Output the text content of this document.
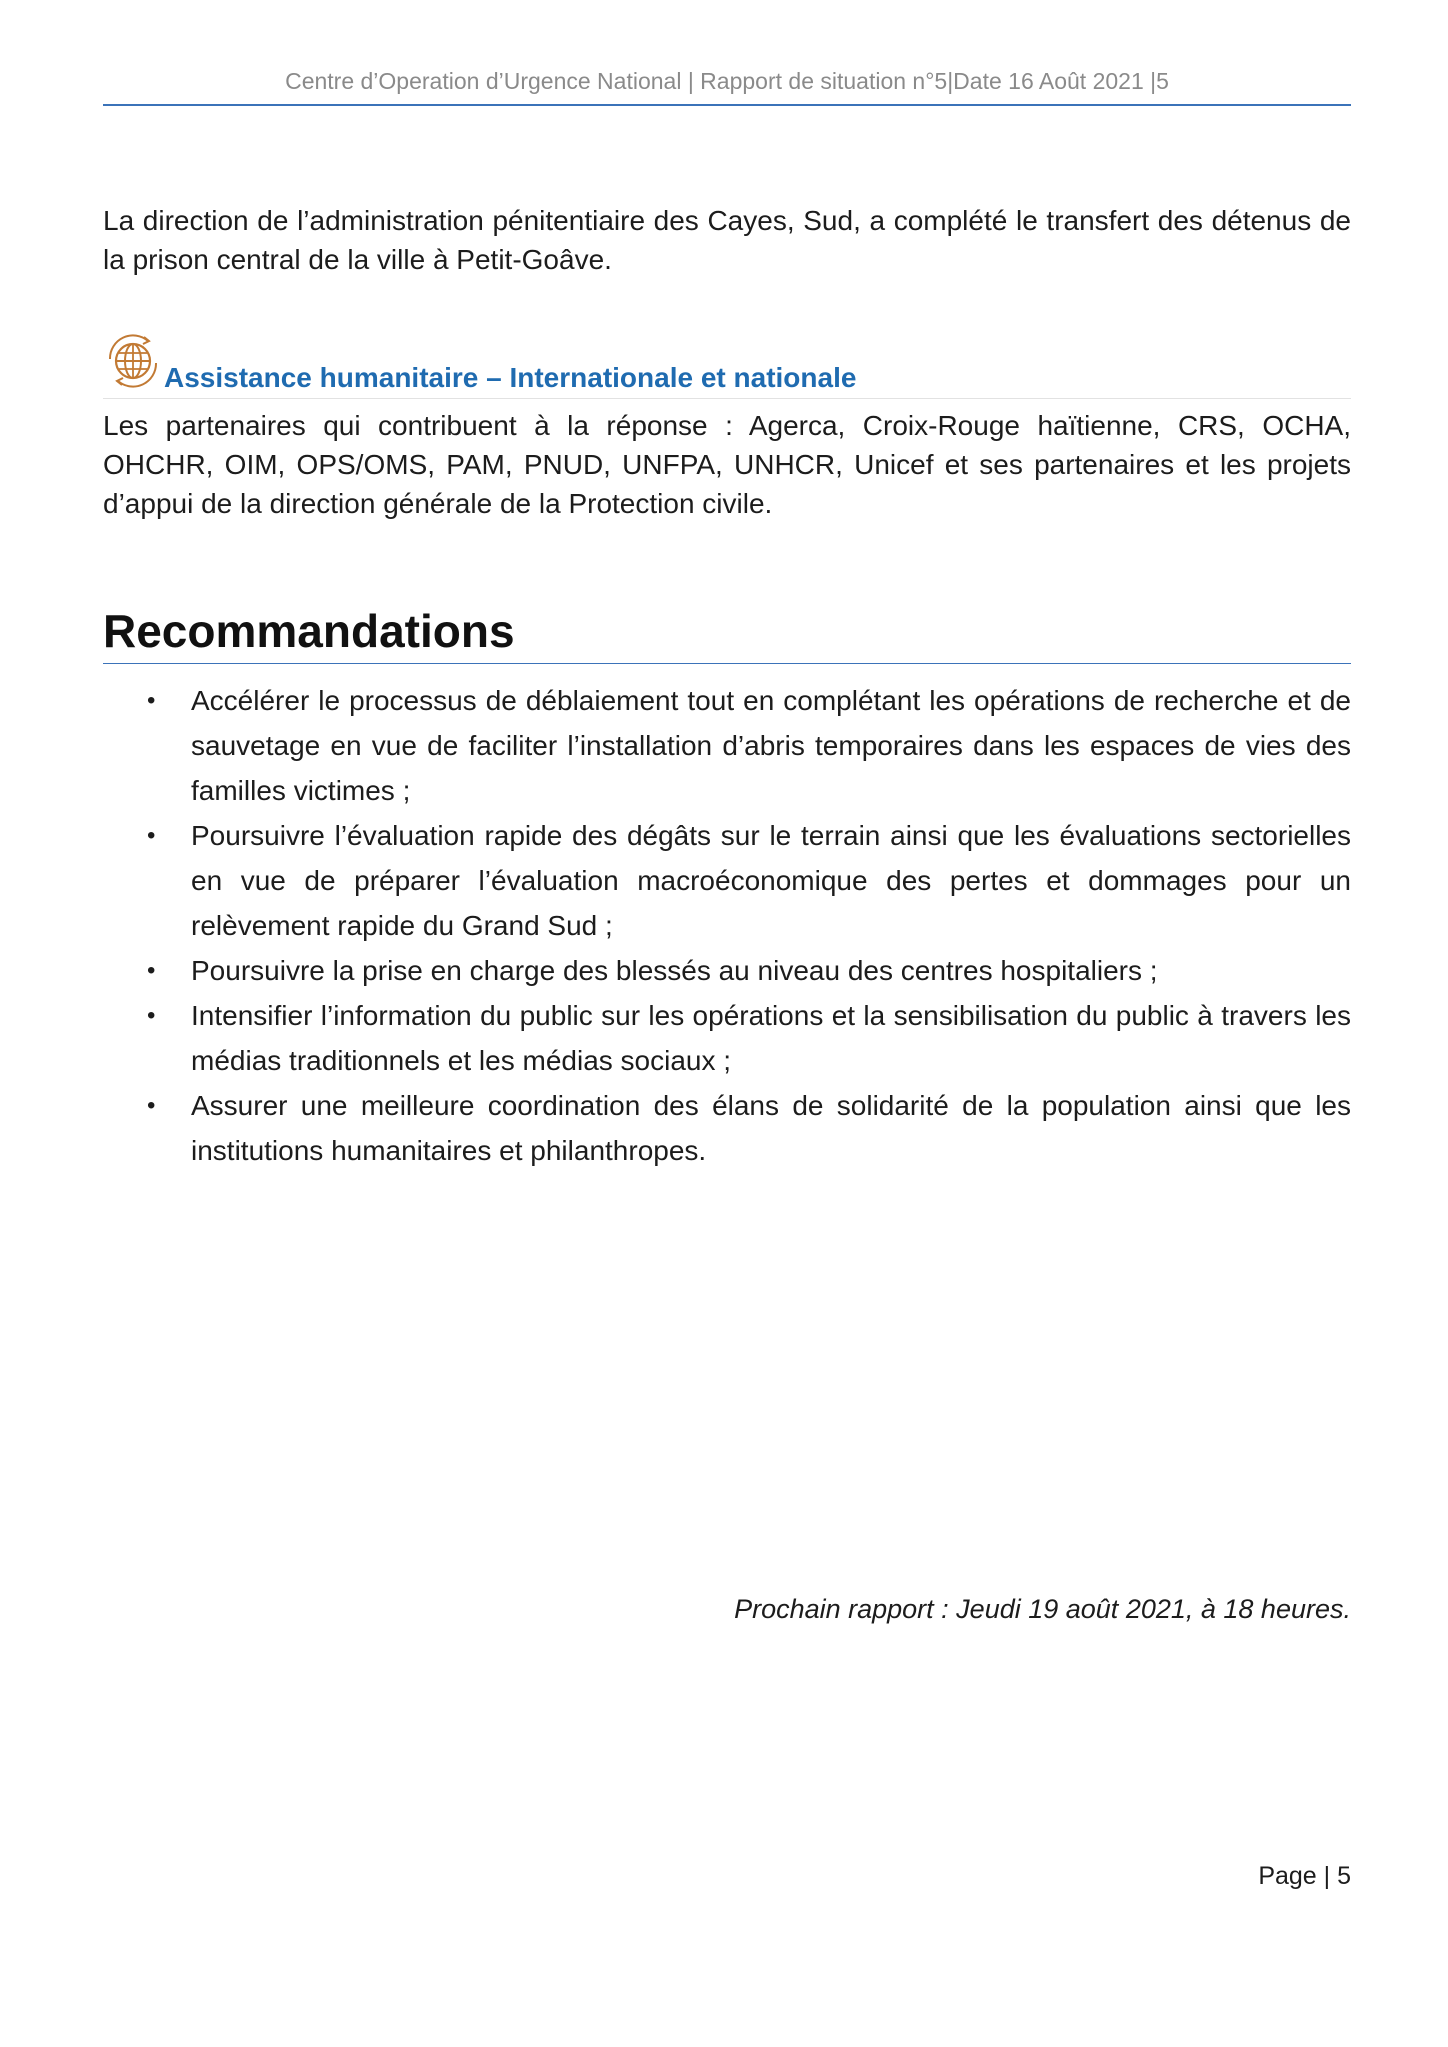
Centre d’Operation d’Urgence National | Rapport de situation n°5|Date 16 Août 2021 |5
La direction de l’administration pénitentiaire des Cayes, Sud, a complété le transfert des détenus de la prison central de la ville à Petit-Goâve.
Assistance humanitaire – Internationale et nationale
Les partenaires qui contribuent à la réponse : Agerca, Croix-Rouge haïtienne, CRS, OCHA, OHCHR, OIM, OPS/OMS, PAM, PNUD, UNFPA, UNHCR, Unicef et ses partenaires et les projets d’appui de la direction générale de la Protection civile.
Recommandations
• Accélérer le processus de déblaiement tout en complétant les opérations de recherche et de sauvetage en vue de faciliter l’installation d’abris temporaires dans les espaces de vies des familles victimes ;
• Poursuivre l’évaluation rapide des dégâts sur le terrain ainsi que les évaluations sectorielles en vue de préparer l’évaluation macroéconomique des pertes et dommages pour un relèvement rapide du Grand Sud ;
• Poursuivre la prise en charge des blessés au niveau des centres hospitaliers ;
• Intensifier l’information du public sur les opérations et la sensibilisation du public à travers les médias traditionnels et les médias sociaux ;
• Assurer une meilleure coordination des élans de solidarité de la population ainsi que les institutions humanitaires et philanthropes.
Prochain rapport : Jeudi 19 août 2021, à 18 heures.
Page | 5
